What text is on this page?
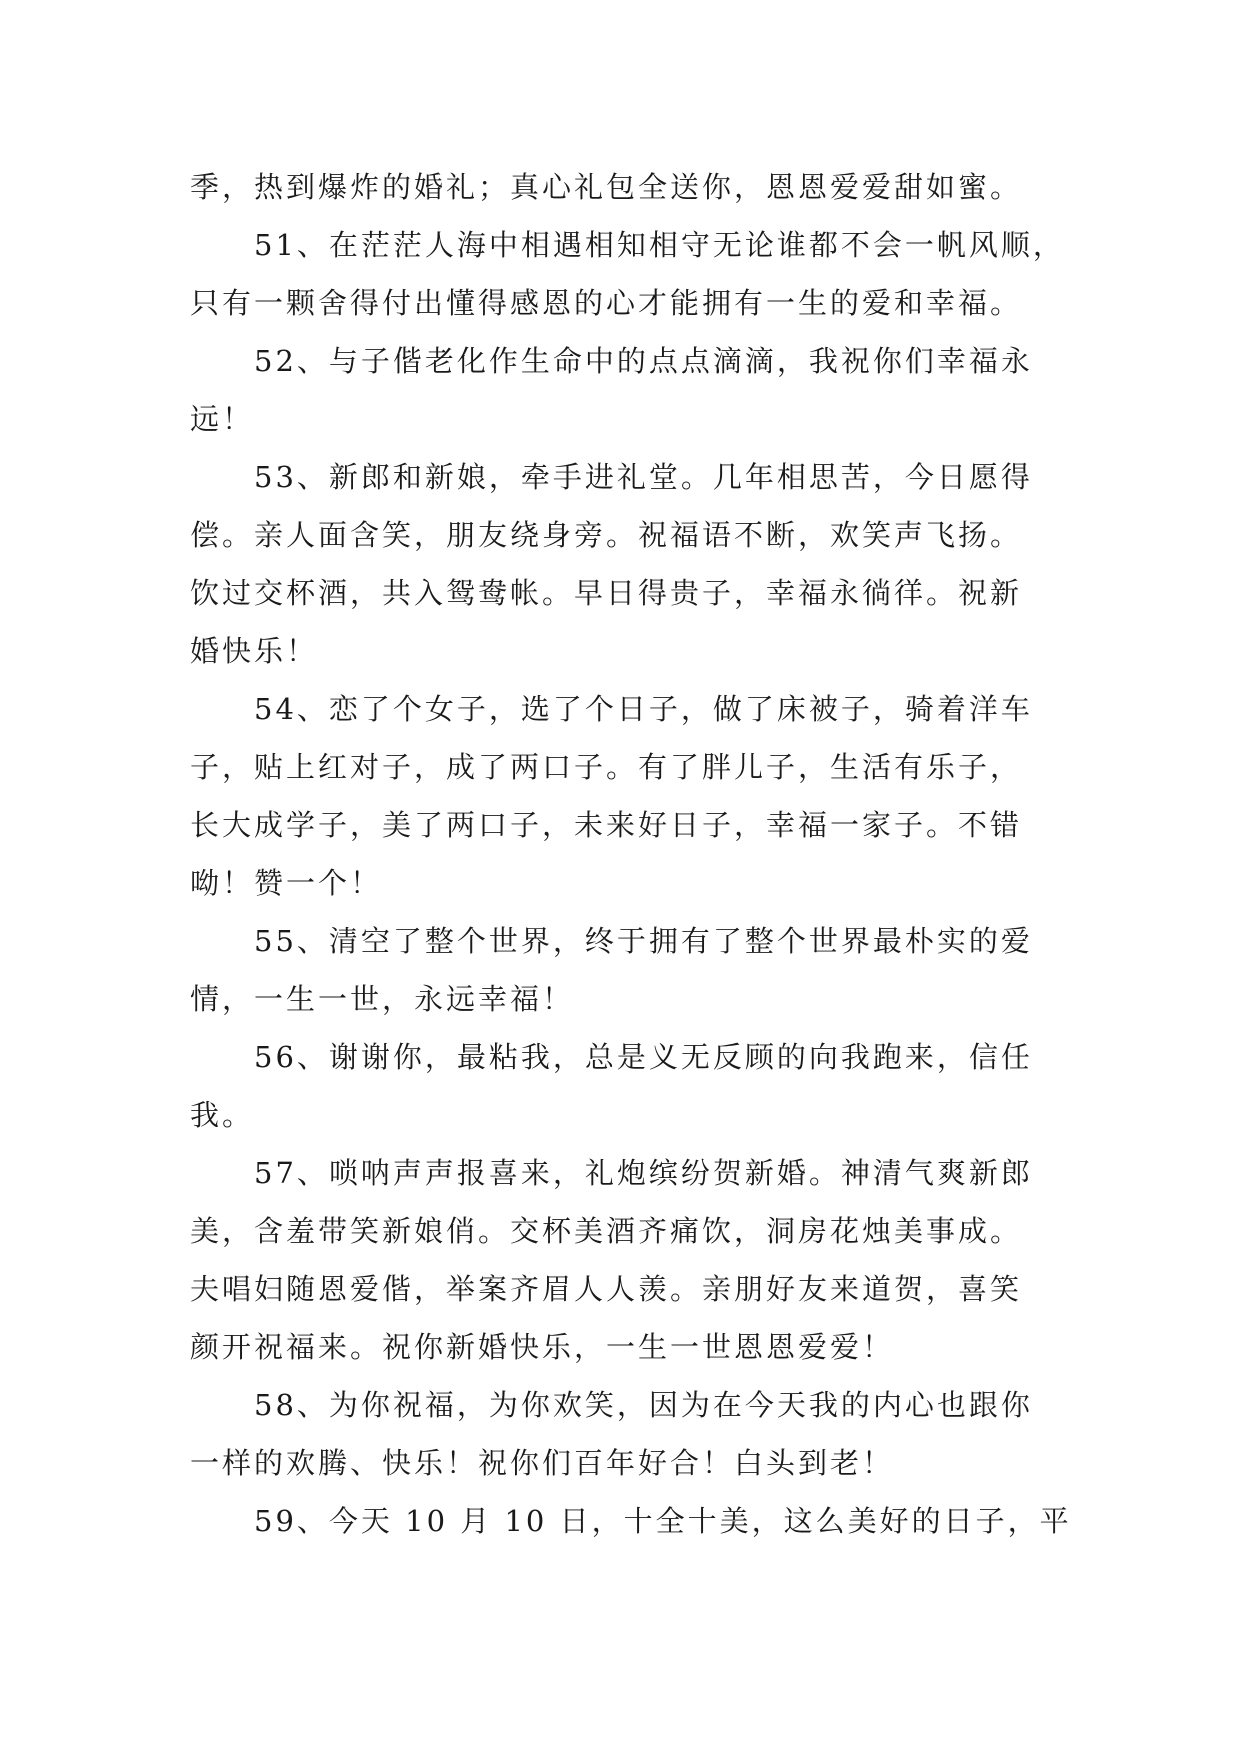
季，热到爆炸的婚礼；真心礼包全送你，恩恩爱爱甜如蜜。

　　51、在茫茫人海中相遇相知相守无论谁都不会一帆风顺，
只有一颗舍得付出懂得感恩的心才能拥有一生的爱和幸福。

　　52、与子偕老化作生命中的点点滴滴，我祝你们幸福永
远！

　　53、新郎和新娘，牵手进礼堂。几年相思苦，今日愿得
偿。亲人面含笑，朋友绕身旁。祝福语不断，欢笑声飞扬。
饮过交杯酒，共入鸳鸯帐。早日得贵子，幸福永徜徉。祝新
婚快乐！

　　54、恋了个女子，选了个日子，做了床被子，骑着洋车
子，贴上红对子，成了两口子。有了胖儿子，生活有乐子，
长大成学子，美了两口子，未来好日子，幸福一家子。不错
呦！赞一个！

　　55、清空了整个世界，终于拥有了整个世界最朴实的爱
情，一生一世，永远幸福！

　　56、谢谢你，最粘我，总是义无反顾的向我跑来，信任
我。

　　57、唢呐声声报喜来，礼炮缤纷贺新婚。神清气爽新郎
美，含羞带笑新娘俏。交杯美酒齐痛饮，洞房花烛美事成。
夫唱妇随恩爱偕，举案齐眉人人羡。亲朋好友来道贺，喜笑
颜开祝福来。祝你新婚快乐，一生一世恩恩爱爱！

　　58、为你祝福，为你欢笑，因为在今天我的内心也跟你
一样的欢腾、快乐！祝你们百年好合！白头到老！

　　59、今天 10 月 10 日，十全十美，这么美好的日子，平
